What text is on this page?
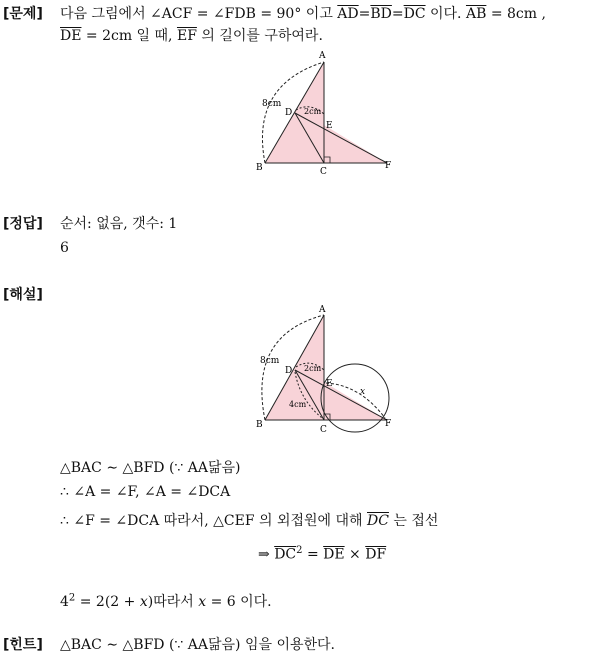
[문제] 다음 그림에서 ∠ACF = ∠FDB = 90° 이고 $\overline{AD}=\overline{BD}=\overline{DC}$ 이다. $\overline{AB} = 8cm$ ,
$\overline{DE} = 2cm$ 일 때, $\overline{EF}$ 의 길이를 구하여라.
A
B	C
D
E
F
8cm
2cm
[정답] 순서: 없음, 갯수: 1
6
[해설]
A
B	C
D
E
F
8cm
2cm
4cm
x
△BAC ∼ △BFD (∵ AA닮음)
∴ ∠A = ∠F, ∠A = ∠DCA
∴ ∠F = ∠DCA 따라서, △CEF 의 외접원에 대해 $\overline{DC}$ 는 접선
⇒ $\overline{DC}^2 = \overline{DE} \times \overline{DF}$
$4^2 = 2(2 + x)$따라서 x = 6 이다.
[힌트] △BAC ∼ △BFD (∵ AA닮음) 임을 이용한다.
